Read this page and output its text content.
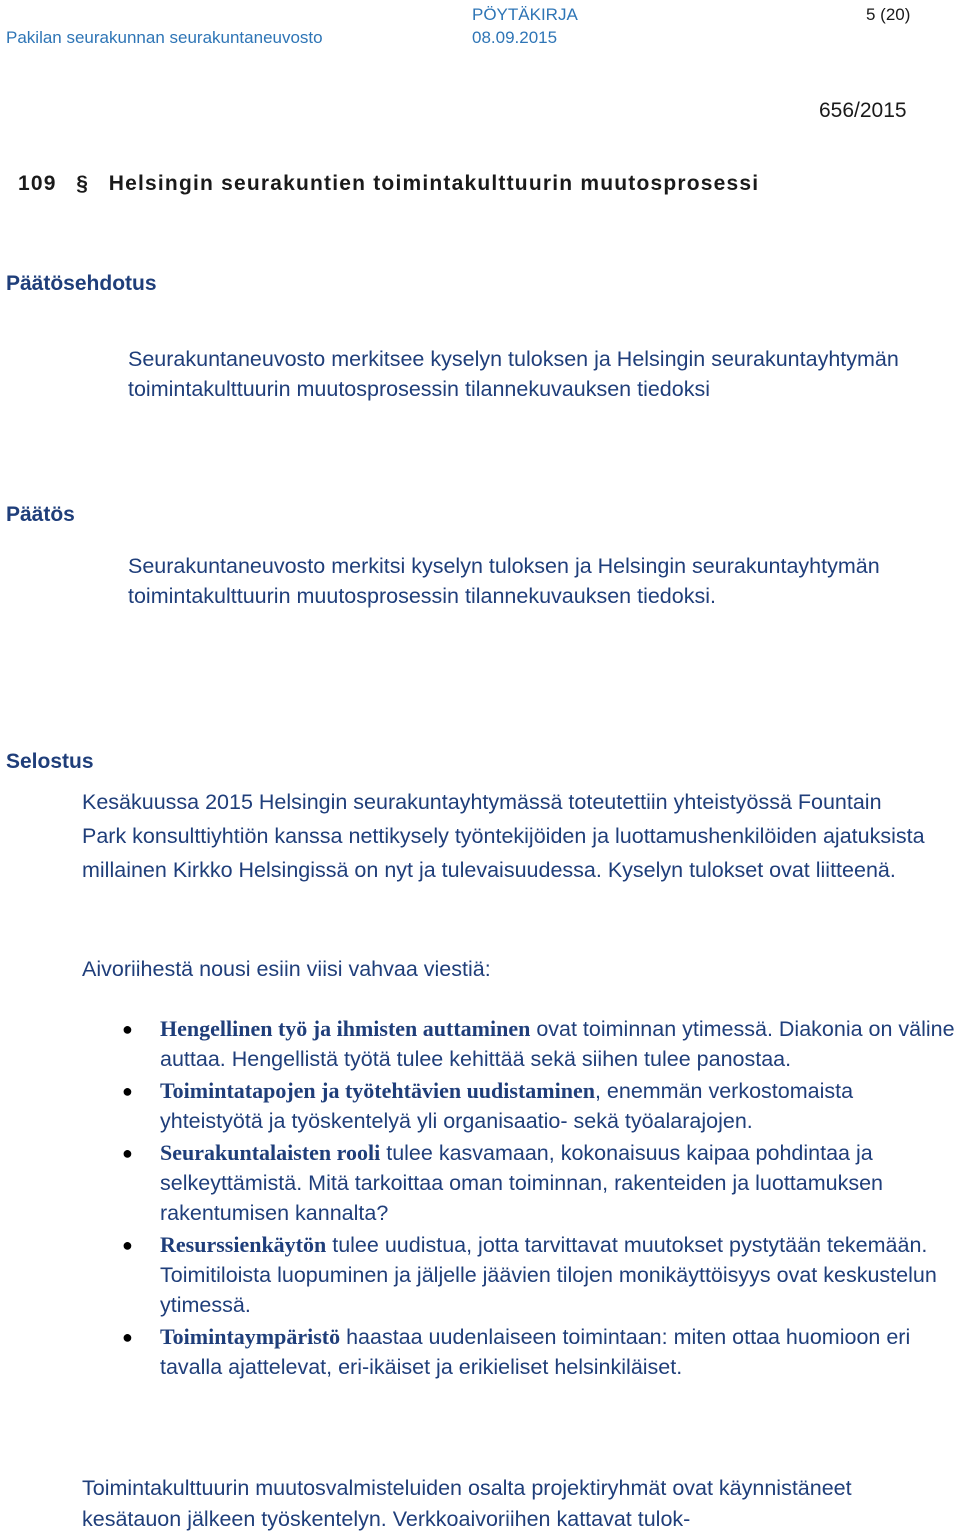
PÖYTÄKIRJA	5 (20)
Pakilan seurakunnan seurakuntaneuvosto	08.09.2015
656/2015
109 § Helsingin seurakuntien toimintakulttuurin muutosprosessi
Päätösehdotus
Seurakuntaneuvosto merkitsee kyselyn tuloksen ja Helsingin seurakuntayhtymän toimintakulttuurin muutosprosessin tilannekuvauksen tiedoksi
Päätös
Seurakuntaneuvosto merkitsi kyselyn tuloksen ja Helsingin seurakuntayhtymän toimintakulttuurin muutosprosessin tilannekuvauksen tiedoksi.
Selostus
Kesäkuussa 2015 Helsingin seurakuntayhtymässä toteutettiin yhteistyössä Fountain Park konsulttiyhtiön kanssa nettikysely työntekijöiden ja luottamushenkilöiden ajatuksista millainen Kirkko Helsingissä on nyt ja tulevaisuudessa. Kyselyn tulokset ovat liitteenä.
Aivoriihestä nousi esiin viisi vahvaa viestiä:
● Hengellinen työ ja ihmisten auttaminen ovat toiminnan ytimessä. Diakonia on väline auttaa. Hengellistä työtä tulee kehittää sekä siihen tulee panostaa.
● Toimintatapojen ja työtehtävien uudistaminen, enemmän verkostomaista yhteistyötä ja työskentelyä yli organisaatio- sekä työalarajojen.
● Seurakuntalaisten rooli tulee kasvamaan, kokonaisuus kaipaa pohdintaa ja selkeyttämistä. Mitä tarkoittaa oman toiminnan, rakenteiden ja luottamuksen rakentumisen kannalta?
● Resurssienkäytön tulee uudistua, jotta tarvittavat muutokset pystytään tekemään. Toimitiloista luopuminen ja jäljelle jäävien tilojen monikäyttöisyys ovat keskustelun ytimessä.
● Toimintaympäristö haastaa uudenlaiseen toimintaan: miten ottaa huomioon eri tavalla ajattelevat, eri-ikäiset ja erikieliset helsinkiläiset.
Toimintakulttuurin muutosvalmisteluiden osalta projektiryhmät ovat käynnistäneet kesätauon jälkeen työskentelyn. Verkkoaivoriihen kattavat tulok-
